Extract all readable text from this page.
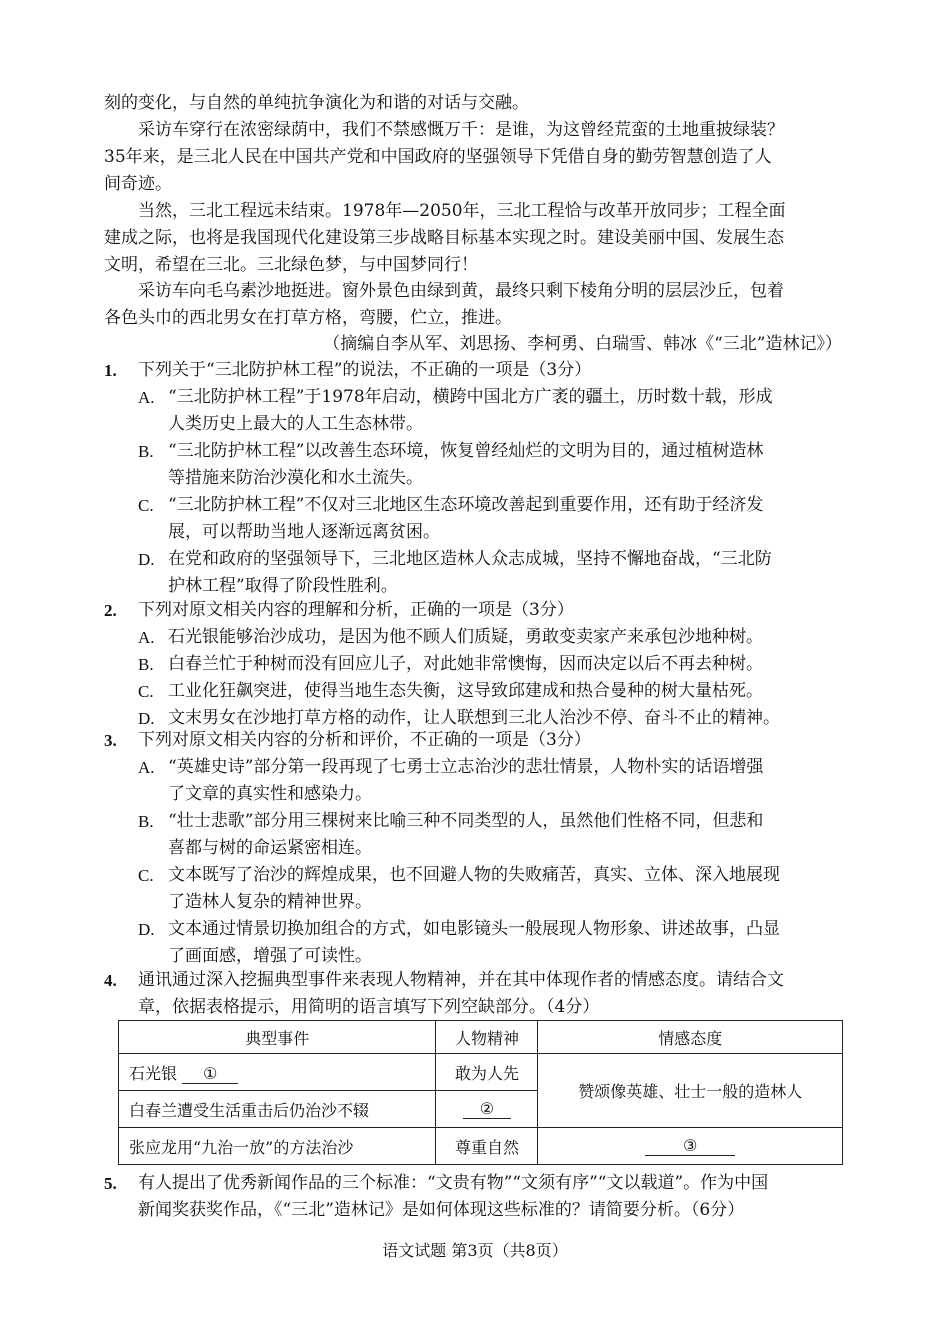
刻的变化，与自然的单纯抗争演化为和谐的对话与交融。

采访车穿行在浓密绿荫中，我们不禁感慨万千：是谁，为这曾经荒蛮的土地重披绿装？
35年来，是三北人民在中国共产党和中国政府的坚强领导下凭借自身的勤劳智慧创造了人
间奇迹。

当然，三北工程远未结束。1978年—2050年，三北工程恰与改革开放同步；工程全面
建成之际，也将是我国现代化建设第三步战略目标基本实现之时。建设美丽中国、发展生态
文明，希望在三北。三北绿色梦，与中国梦同行！

采访车向毛乌素沙地挺进。窗外景色由绿到黄，最终只剩下棱角分明的层层沙丘，包着
各色头巾的西北男女在打草方格，弯腰，伫立，推进。

（摘编自李从军、刘思扬、李柯勇、白瑞雪、韩冰《“三北”造林记》）
1. 下列关于“三北防护林工程”的说法，不正确的一项是（3分）
A. “三北防护林工程”于1978年启动，横跨中国北方广袤的疆土，历时数十载，形成
人类历史上最大的人工生态林带。
B. “三北防护林工程”以改善生态环境，恢复曾经灿烂的文明为目的，通过植树造林
等措施来防治沙漠化和水土流失。
C. “三北防护林工程”不仅对三北地区生态环境改善起到重要作用，还有助于经济发
展，可以帮助当地人逐渐远离贫困。
D. 在党和政府的坚强领导下，三北地区造林人众志成城，坚持不懈地奋战，“三北防
护林工程”取得了阶段性胜利。
2. 下列对原文相关内容的理解和分析，正确的一项是（3分）
A. 石光银能够治沙成功，是因为他不顾人们质疑，勇敢变卖家产来承包沙地种树。
B. 白春兰忙于种树而没有回应儿子，对此她非常懊悔，因而决定以后不再去种树。
C. 工业化狂飙突进，使得当地生态失衡，这导致邱建成和热合曼种的树大量枯死。
D. 文末男女在沙地打草方格的动作，让人联想到三北人治沙不停、奋斗不止的精神。
3. 下列对原文相关内容的分析和评价，不正确的一项是（3分）
A. “英雄史诗”部分第一段再现了七勇士立志治沙的悲壮情景，人物朴实的话语增强
了文章的真实性和感染力。
B. “壮士悲歌”部分用三棵树来比喻三种不同类型的人，虽然他们性格不同，但悲和
喜都与树的命运紧密相连。
C. 文本既写了治沙的辉煌成果，也不回避人物的失败痛苦，真实、立体、深入地展现
了造林人复杂的精神世界。
D. 文本通过情景切换加组合的方式，如电影镜头一般展现人物形象、讲述故事，凸显
了画面感，增强了可读性。
4. 通讯通过深入挖掘典型事件来表现人物精神，并在其中体现作者的情感态度。请结合文
章，依据表格提示，用简明的语言填写下列空缺部分。（4分）
典型事件	人物精神	情感态度
石光银 ①	敢为人先	赞颂像英雄、壮士一般的造林人
白春兰遭受生活重击后仍治沙不辍	②	
张应龙用“九治一放”的方法治沙	尊重自然	③
5. 有人提出了优秀新闻作品的三个标准：“文贵有物”“文须有序”“文以载道”。作为中国
新闻奖获奖作品，《“三北”造林记》是如何体现这些标准的？请简要分析。（6分）
语文试题 第3页（共8页）
